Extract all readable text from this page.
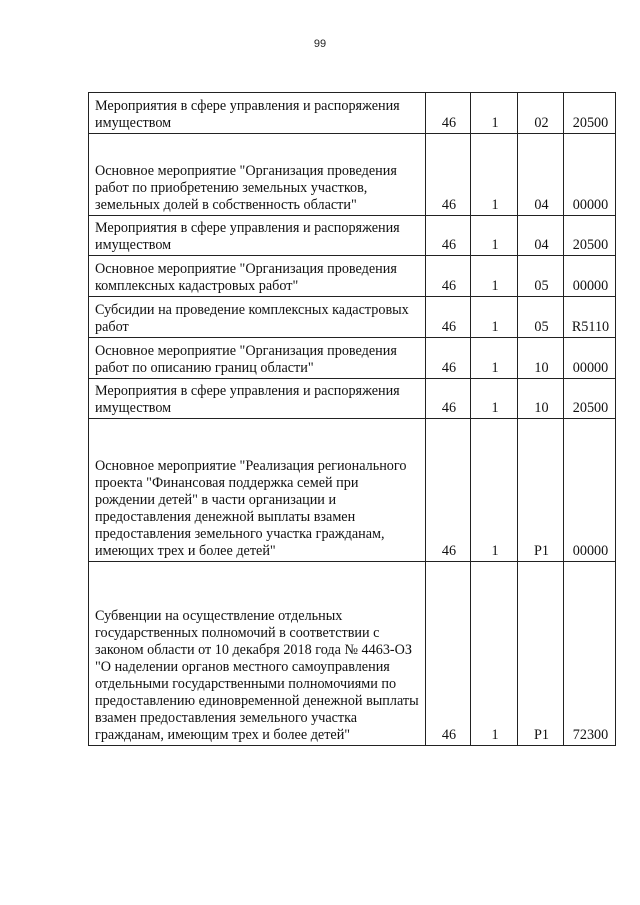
99
Мероприятия в сфере управления и распоряжения имуществом	46	1	02	20500
Основное мероприятие "Организация проведения работ по приобретению земельных участков, земельных долей в собственность области"	46	1	04	00000
Мероприятия в сфере управления и распоряжения имуществом	46	1	04	20500
Основное мероприятие "Организация проведения комплексных кадастровых работ"	46	1	05	00000
Субсидии на проведение комплексных кадастровых работ	46	1	05	R5110
Основное мероприятие "Организация проведения работ по описанию границ области"	46	1	10	00000
Мероприятия в сфере управления и распоряжения имуществом	46	1	10	20500
Основное мероприятие "Реализация регионального проекта "Финансовая поддержка семей при рождении детей" в части организации и предоставления денежной выплаты взамен предоставления земельного участка гражданам, имеющих трех и более детей"	46	1	P1	00000
Субвенции на осуществление отдельных государственных полномочий в соответствии с законом области от 10 декабря 2018 года № 4463-ОЗ "О наделении органов местного самоуправления отдельными государственными полномочиями по предоставлению единовременной денежной выплаты взамен предоставления земельного участка гражданам, имеющим трех и более детей"	46	1	P1	72300
